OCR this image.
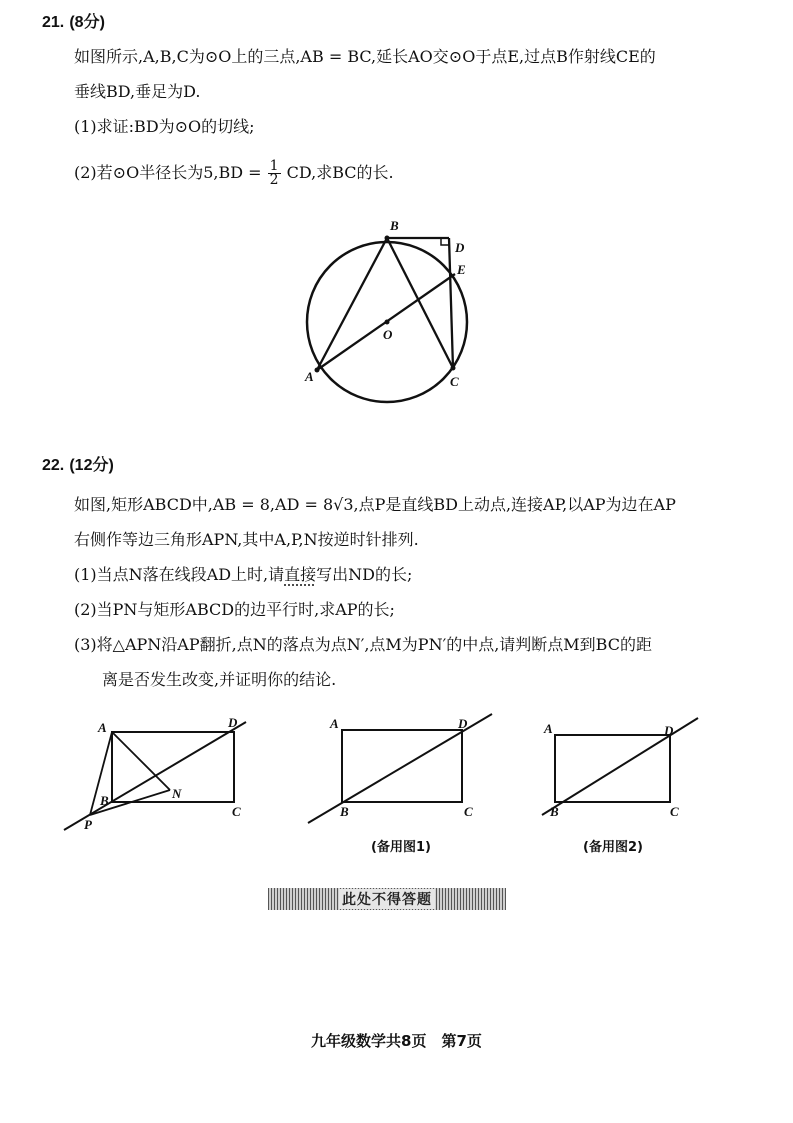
21. (8分)
如图所示,A,B,C为⊙O上的三点,AB = BC,延长AO交⊙O于点E,过点B作射线CE的
垂线BD,垂足为D.
(1)求证:BD为⊙O的切线;
(2)若⊙O半径长为$5,BD = \frac{1}{2}$ CD,求BC的长.
B
D
E
O
A	C
22. (12分)
如图,矩形ABCD中,AB = 8,AD = 8√3,点P是直线BD上动点,连接AP,以AP为边在AP
右侧作等边三角形APN,其中A,P,N按逆时针排列.
(1)当点N落在线段AD上时,请直接写出ND的长;
(2)当PN与矩形ABCD的边平行时,求AP的长;
(3)将△APN沿AP翻折,点N的落点为点N′,点M为PN′的中点,请判断点M到BC的距
离是否发生改变,并证明你的结论.
A	D
B	N
C
P
A	D
B	C
(备用图1)
A	D
B	C
(备用图2)
此处不得答题
九年级数学共8页　第7页
